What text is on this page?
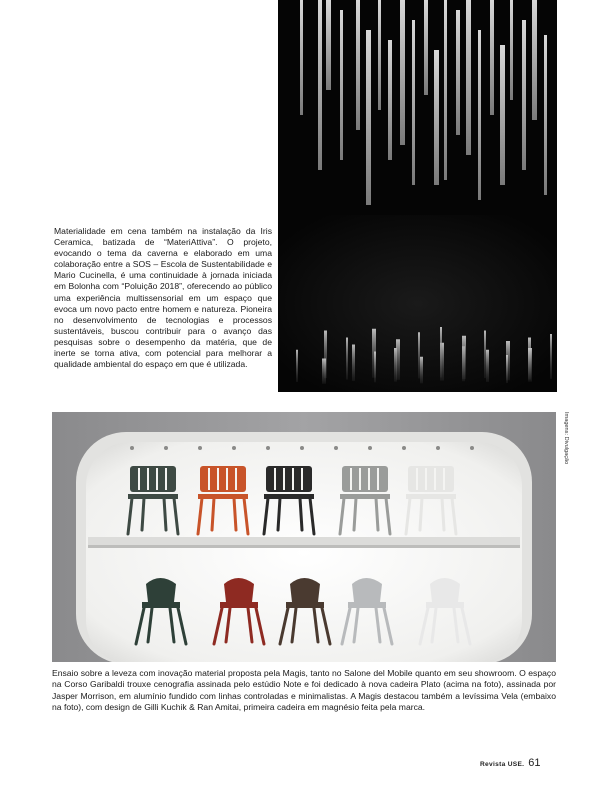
Materialidade em cena também na instalação da Iris Ceramica, batizada de “MateriAttiva”. O projeto, evocando o tema da caverna e elaborado em uma colaboração entre a SOS – Escola de Sustentabilidade e Mario Cucinella, é uma continuidade à jornada iniciada em Bolonha com “Poluição 2018”, oferecendo ao público uma experiência multissensorial em um espaço que evoca um novo pacto entre homem e natureza. Pioneira no desenvolvimento de tecnologias e processos sustentáveis, buscou contribuir para o avanço das pesquisas sobre o desempenho da matéria, que de inerte se torna ativa, com potencial para melhorar a qualidade ambiental do espaço em que é utilizada.

Imagens: Divulgação

Ensaio sobre a leveza com inovação material proposta pela Magis, tanto no Salone del Mobile quanto em seu showroom. O espaço na Corso Garibaldi trouxe cenografia assinada pelo estúdio Note e foi dedicado à nova cadeira Plato (acima na foto), assinada por Jasper Morrison, em alumínio fundido com linhas controladas e minimalistas. A Magis destacou também a levíssima Vela (embaixo na foto), com design de Gilli Kuchik & Ran Amitai, primeira cadeira em magnésio feita pela marca.

Revista USE. 61
